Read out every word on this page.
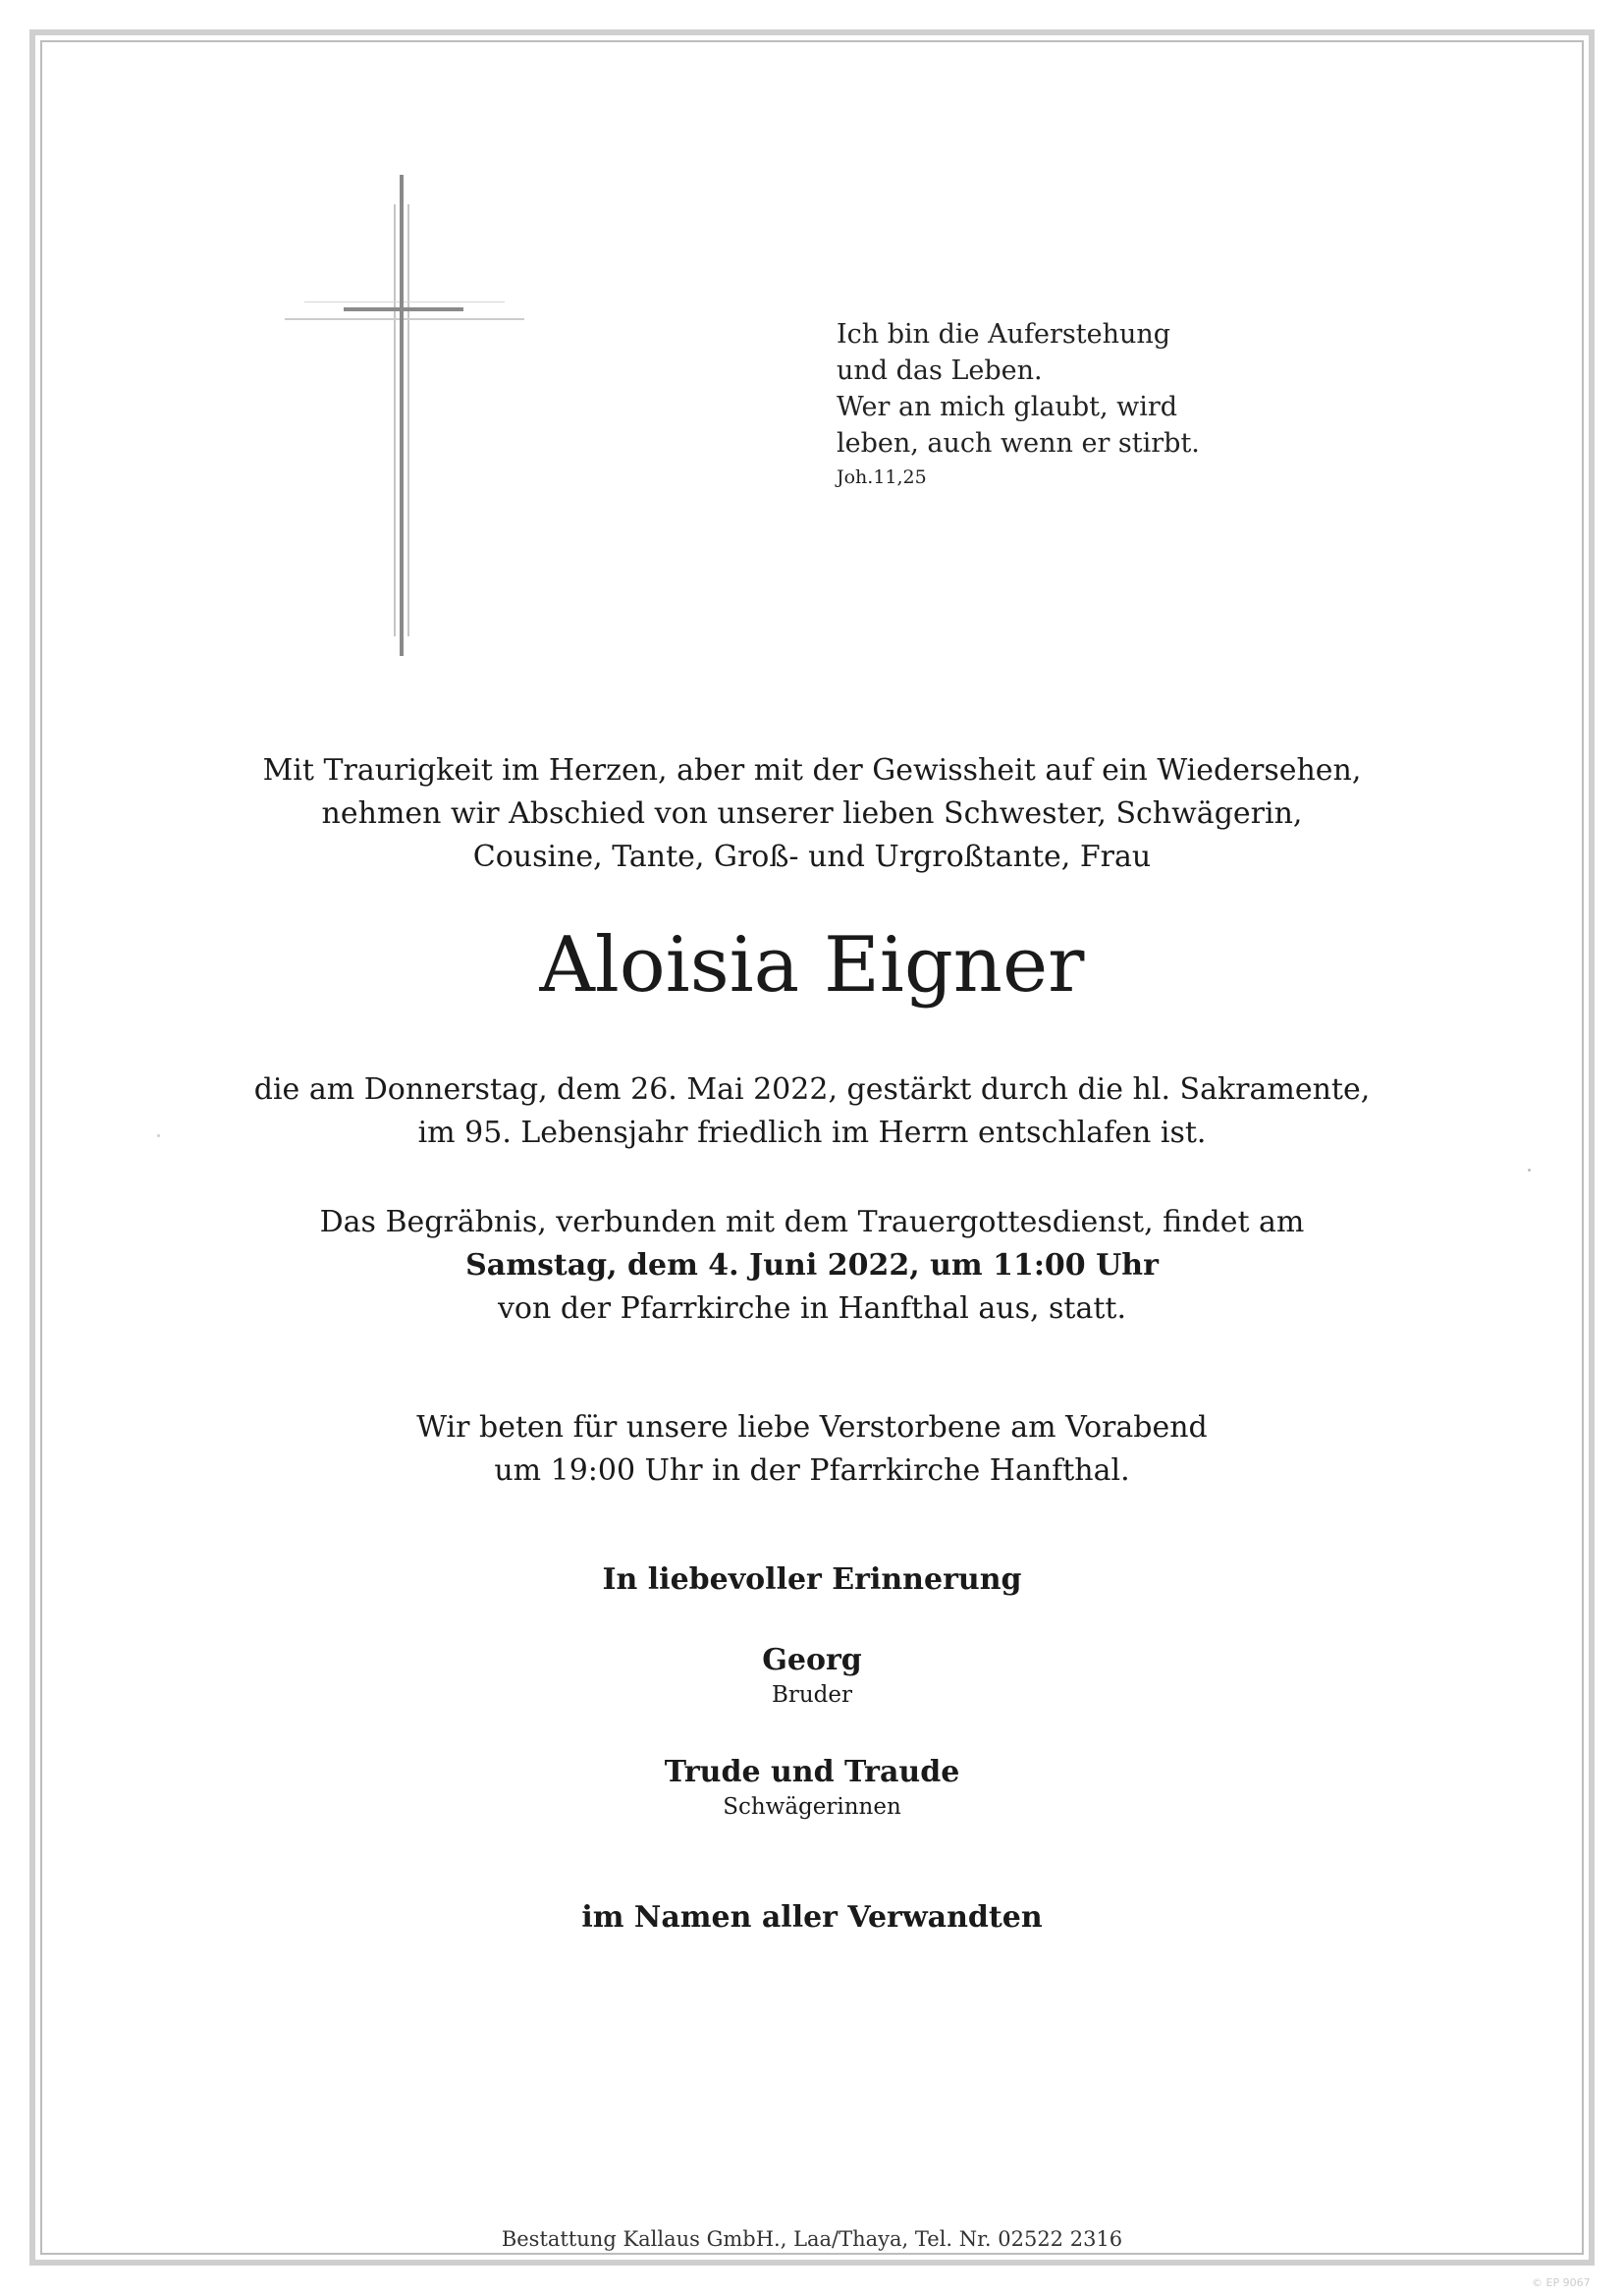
Ich bin die Auferstehung
und das Leben.
Wer an mich glaubt, wird
leben, auch wenn er stirbt.
Joh.11,25
Mit Traurigkeit im Herzen, aber mit der Gewissheit auf ein Wiedersehen,
nehmen wir Abschied von unserer lieben Schwester, Schwägerin,
Cousine, Tante, Groß- und Urgroßtante, Frau
Aloisia Eigner
die am Donnerstag, dem 26. Mai 2022, gestärkt durch die hl. Sakramente,
im 95. Lebensjahr friedlich im Herrn entschlafen ist.
Das Begräbnis, verbunden mit dem Trauergottesdienst, findet am
Samstag, dem 4. Juni 2022, um 11:00 Uhr
von der Pfarrkirche in Hanfthal aus, statt.
Wir beten für unsere liebe Verstorbene am Vorabend
um 19:00 Uhr in der Pfarrkirche Hanfthal.
In liebevoller Erinnerung
Georg
Bruder
Trude und Traude
Schwägerinnen
im Namen aller Verwandten
Bestattung Kallaus GmbH., Laa/Thaya, Tel. Nr. 02522 2316
© EP 9067
